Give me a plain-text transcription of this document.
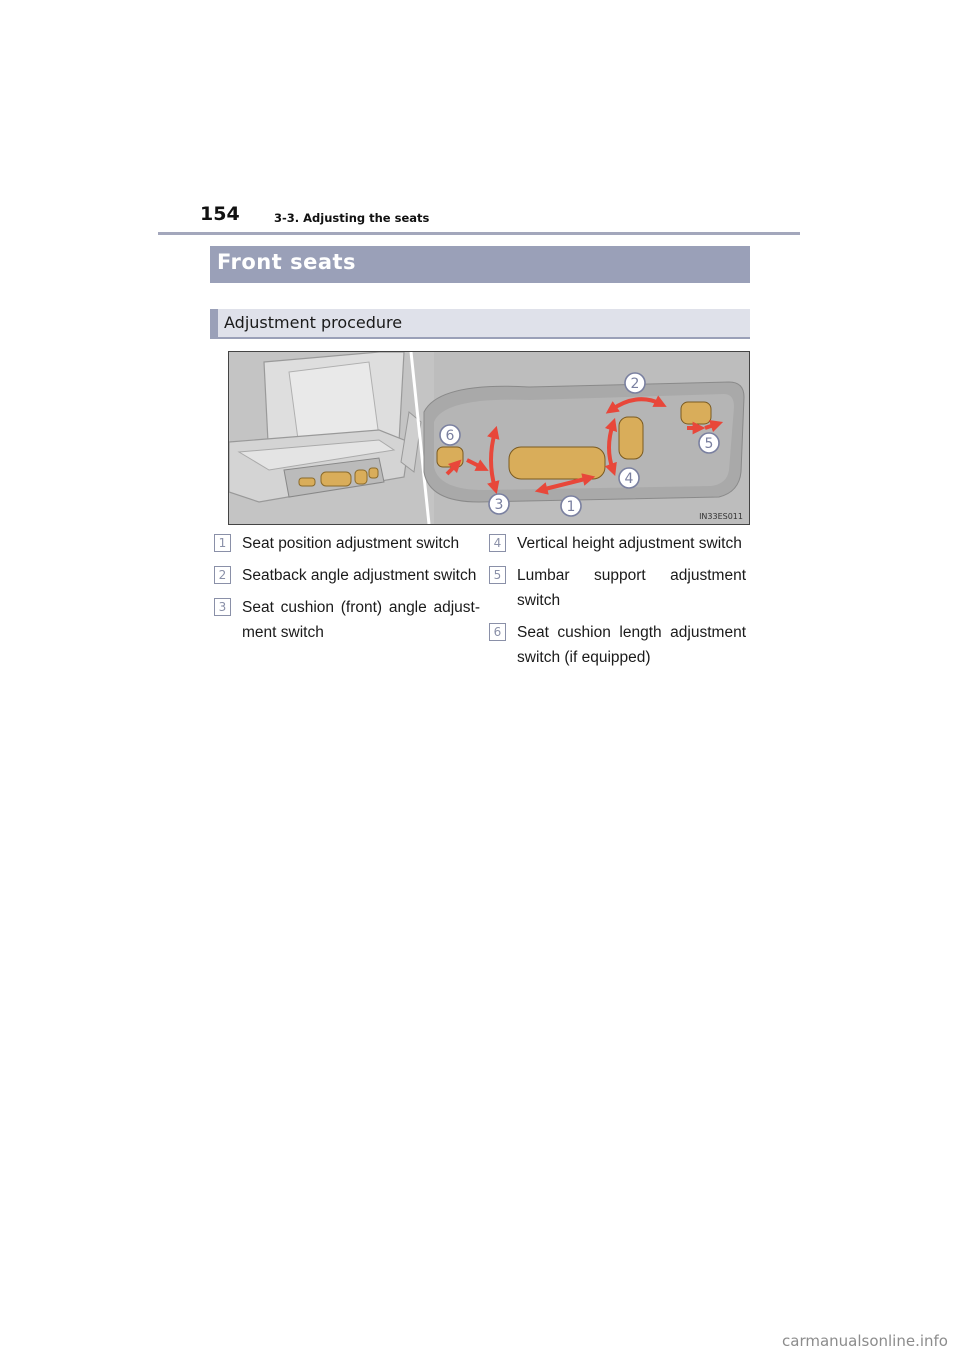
154	3-3. Adjusting the seats
Front seats
Adjustment procedure
1
2
3
4
5
6
IN33ES011
1	Seat position adjustment switch
2	Seatback angle adjustment switch
3	Seat cushion (front) angle adjust-ment switch
4	Vertical height adjustment switch
5	Lumbar support adjustment switch
6	Seat cushion length adjustment switch (if equipped)
carmanualsonline.info
